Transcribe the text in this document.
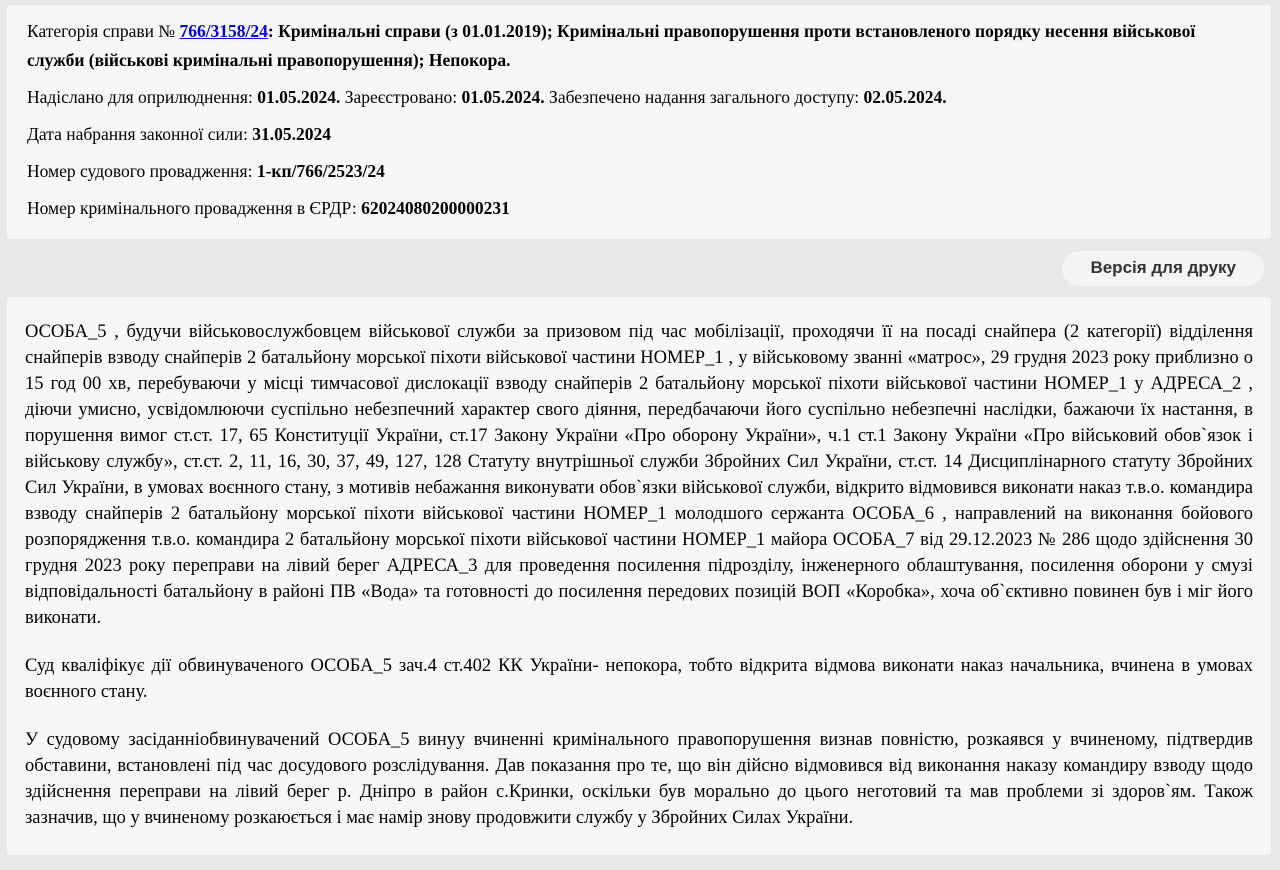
Категорія справи № 766/3158/24: Кримінальні справи (з 01.01.2019); Кримінальні правопорушення проти встановленого порядку несення військової служби (військові кримінальні правопорушення); Непокора.

Надіслано для оприлюднення: 01.05.2024. Зареєстровано: 01.05.2024. Забезпечено надання загального доступу: 02.05.2024.

Дата набрання законної сили: 31.05.2024

Номер судового провадження: 1-кп/766/2523/24

Номер кримінального провадження в ЄРДР: 62024080200000231

Версія для друку

ОСОБА_5 , будучи військовослужбовцем військової служби за призовом під час мобілізації, проходячи її на посаді снайпера (2 категорії) відділення снайперів взводу снайперів 2 батальйону морської піхоти військової частини НОМЕР_1 , у військовому званні «матрос», 29 грудня 2023 року приблизно о 15 год 00 хв, перебуваючи у місці тимчасової дислокації взводу снайперів 2 батальйону морської піхоти військової частини НОМЕР_1 у АДРЕСА_2 , діючи умисно, усвідомлюючи суспільно небезпечний характер свого діяння, передбачаючи його суспільно небезпечні наслідки, бажаючи їх настання, в порушення вимог ст.ст. 17, 65 Конституції України, ст.17 Закону України «Про оборону України», ч.1 ст.1 Закону України «Про військовий обов`язок і військову службу», ст.ст. 2, 11, 16, 30, 37, 49, 127, 128 Статуту внутрішньої служби Збройних Сил України, ст.ст. 14 Дисциплінарного статуту Збройних Сил України, в умовах воєнного стану, з мотивів небажання виконувати обов`язки військової служби, відкрито відмовився виконати наказ т.в.о. командира взводу снайперів 2 батальйону морської піхоти військової частини НОМЕР_1 молодшого сержанта ОСОБА_6 , направлений на виконання бойового розпорядження т.в.о. командира 2 батальйону морської піхоти військової частини НОМЕР_1 майора ОСОБА_7 від 29.12.2023 № 286 щодо здійснення 30 грудня 2023 року переправи на лівий берег АДРЕСА_3 для проведення посилення підрозділу, інженерного облаштування, посилення оборони у смузі відповідальності батальйону в районі ПВ «Вода» та готовності до посилення передових позицій ВОП «Коробка», хоча об`єктивно повинен був і міг його виконати.

Суд кваліфікує дії обвинуваченого ОСОБА_5 зач.4 ст.402 КК України- непокора, тобто відкрита відмова виконати наказ начальника, вчинена в умовах воєнного стану.

У судовому засіданніобвинувачений ОСОБА_5 винуу вчиненні кримінального правопорушення визнав повністю, розкаявся у вчиненому, підтвердив обставини, встановлені під час досудового розслідування. Дав показання про те, що він дійсно відмовився від виконання наказу командиру взводу щодо здійснення переправи на лівий берег р. Дніпро в район с.Кринки, оскільки був морально до цього неготовий та мав проблеми зі здоров`ям. Також зазначив, що у вчиненому розкаюється і має намір знову продовжити службу у Збройних Силах України.
